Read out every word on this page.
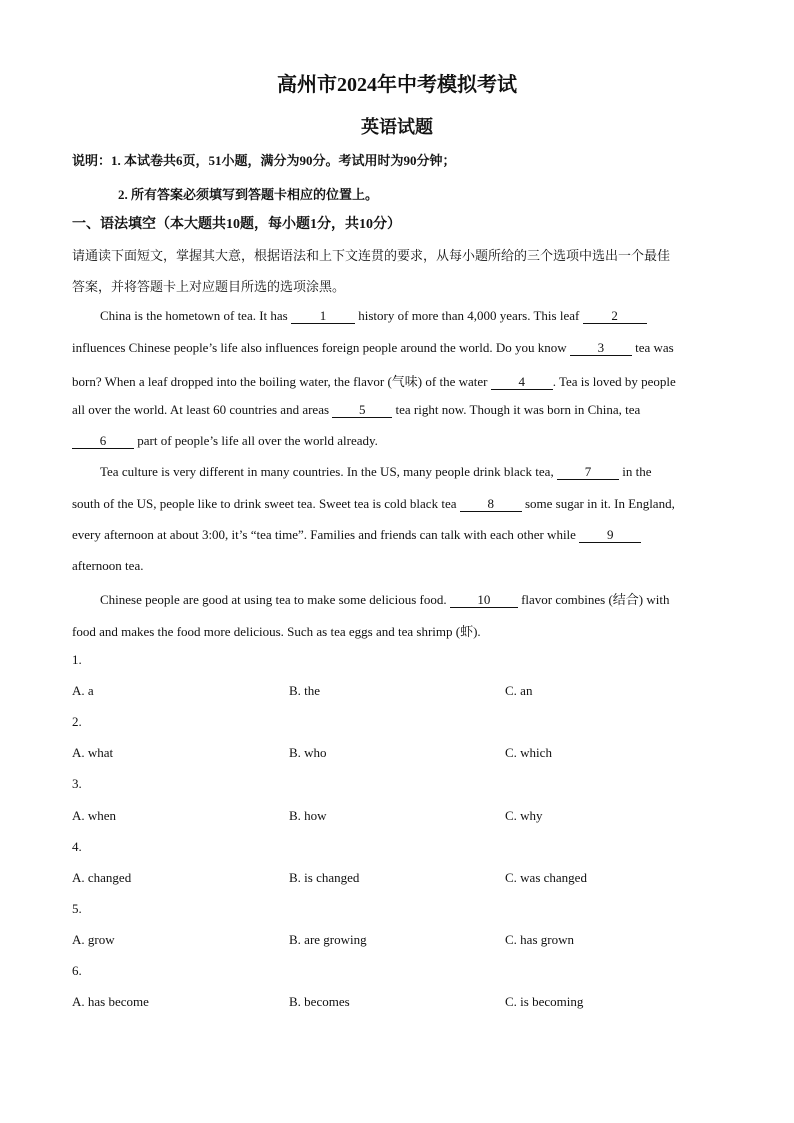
高州市2024年中考模拟考试
英语试题
说明：1. 本试卷共6页，51小题，满分为90分。考试用时为90分钟；
2. 所有答案必须填写到答题卡相应的位置上。
一、语法填空（本大题共10题，每小题1分，共10分）
请通读下面短文，掌握其大意，根据语法和上下文连贯的要求，从每小题所给的三个选项中选出一个最佳
答案，并将答题卡上对应题目所选的选项涂黑。
China is the hometown of tea. It has 1 history of more than 4,000 years. This leaf 2
influences Chinese people’s life also influences foreign people around the world. Do you know 3 tea was
born? When a leaf dropped into the boiling water, the flavor (气味) of the water 4 . Tea is loved by people
all over the world. At least 60 countries and areas 5 tea right now. Though it was born in China, tea
6 part of people’s life all over the world already.
Tea culture is very different in many countries. In the US, many people drink black tea, 7 in the
south of the US, people like to drink sweet tea. Sweet tea is cold black tea 8 some sugar in it. In England,
every afternoon at about 3:00, it’s “tea time”. Families and friends can talk with each other while 9
afternoon tea.
Chinese people are good at using tea to make some delicious food. 10 flavor combines (结合) with
food and makes the food more delicious. Such as tea eggs and tea shrimp (虾).
1.
A. a	B. the	C. an
2.
A. what	B. who	C. which
3.
A. when	B. how	C. why
4.
A. changed	B. is changed	C. was changed
5.
A. grow	B. are growing	C. has grown
6.
A. has become	B. becomes	C. is becoming
